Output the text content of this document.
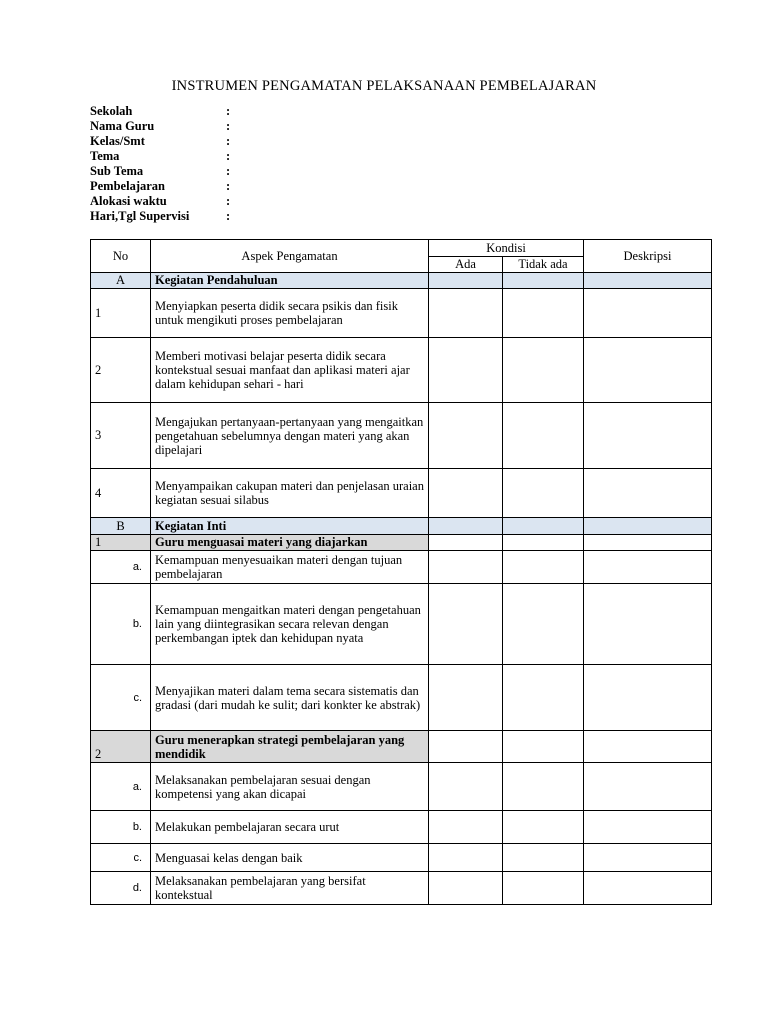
INSTRUMEN PENGAMATAN PELAKSANAAN PEMBELAJARAN
Sekolah	:
Nama Guru	:
Kelas/Smt	:
Tema	:
Sub Tema	:
Pembelajaran	:
Alokasi waktu	:
Hari,Tgl Supervisi	:
No	Aspek Pengamatan	Kondisi		Deskripsi
		Ada	Tidak ada	
A	Kegiatan Pendahuluan			
1	Menyiapkan peserta didik secara psikis dan fisik untuk mengikuti proses pembelajaran			
2	Memberi motivasi belajar peserta didik secara kontekstual sesuai manfaat dan aplikasi materi ajar dalam kehidupan sehari - hari			
3	Mengajukan pertanyaan-pertanyaan yang mengaitkan pengetahuan sebelumnya dengan materi yang akan dipelajari			
4	Menyampaikan cakupan materi dan penjelasan uraian kegiatan sesuai silabus			
B	Kegiatan Inti			
1	Guru menguasai materi yang diajarkan			
a.	Kemampuan menyesuaikan materi dengan tujuan pembelajaran			
b.	Kemampuan mengaitkan materi dengan pengetahuan lain yang diintegrasikan secara relevan dengan perkembangan iptek dan kehidupan nyata			
c.	Menyajikan materi dalam tema secara sistematis dan gradasi (dari mudah ke sulit; dari konkter ke abstrak)			
2	Guru menerapkan strategi pembelajaran yang mendidik			
a.	Melaksanakan pembelajaran sesuai dengan kompetensi yang akan dicapai			
b.	Melakukan pembelajaran secara urut			
c.	Menguasai kelas dengan baik			
d.	Melaksanakan pembelajaran yang bersifat kontekstual			
